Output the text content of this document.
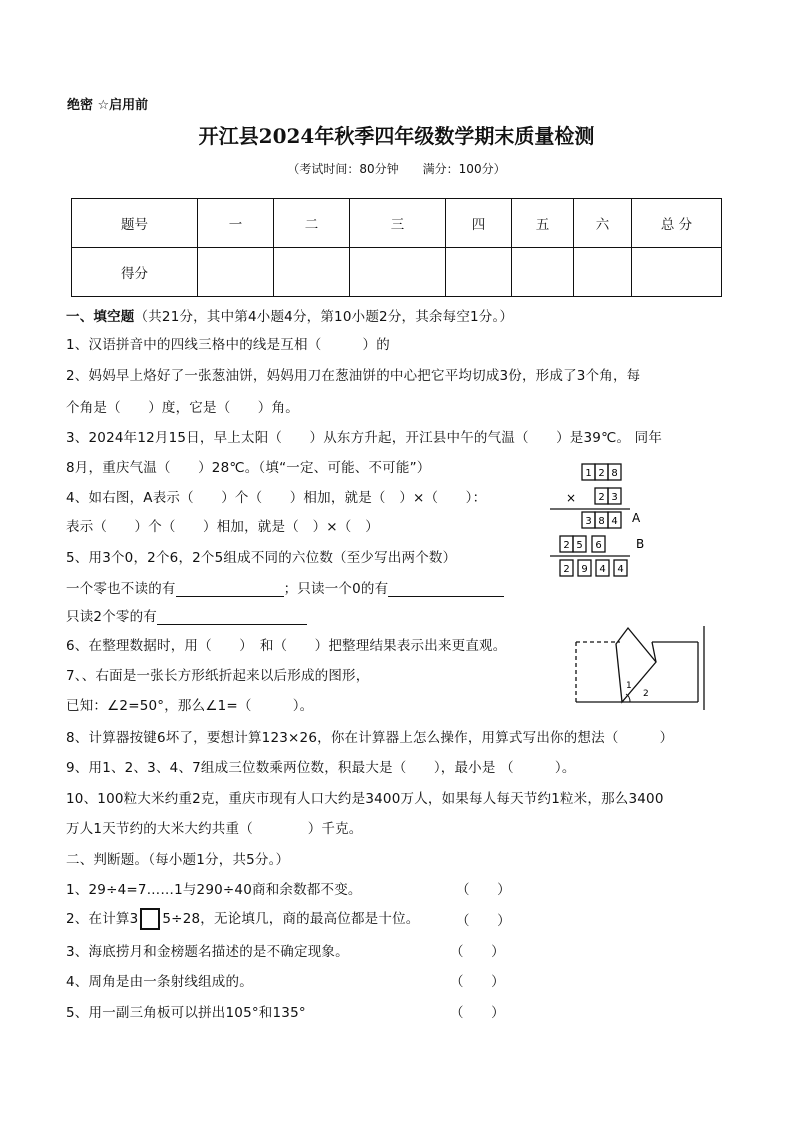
绝密 ☆启用前
开江县2024年秋季四年级数学期末质量检测
（考试时间：80分钟　　满分：100分）
题号	一	二	三	四	五	六	总 分
得分							
一、填空题（共21分，其中第4小题4分，第10小题2分，其余每空1分。）
1、汉语拼音中的四线三格中的线是互相（　　　）的
2、妈妈早上烙好了一张葱油饼，妈妈用刀在葱油饼的中心把它平均切成3份，形成了3个角，每
个角是（　　）度，它是（　　）角。
3、2024年12月15日，早上太阳（　　）从东方升起，开江县中午的气温（　　）是39℃。 同年
8月，重庆气温（　　）28℃。（填“一定、可能、不可能”）
4、如右图，A表示（　　）个（　　）相加，就是（　）×（　　）：
表示（　　）个（　　）相加，就是（　）×（　）
5、用3个0，2个6，2个5组成不同的六位数（至少写出两个数）
一个零也不读的有	；只读一个0的有
只读2个零的有
6、在整理数据时，用（　　）　和（　　）把整理结果表示出来更直观。
7、、右面是一张长方形纸折起来以后形成的图形，
已知：∠2=50°，那么∠1=（　　　）。
8、计算器按键6坏了，要想计算123×26，你在计算器上怎么操作，用算式写出你的想法（　　　）
9、用1、2、3、4、7组成三位数乘两位数，积最大是（　　），最小是 （　　　）。
10、100粒大米约重2克，重庆市现有人口大约是3400万人，如果每人每天节约1粒米，那么3400
万人1天节约的大米大约共重（　　　　）千克。
1 2 8
× 2 3
3 8 4 A
2 5 6	B
2 9 4 4
1
2
二、判断题。（每小题1分，共5分。）
1、29÷4=7……1与290÷40商和余数都不变。	（　　）
2、在计算3 5÷28，无论填几，商的最高位都是十位。	（　　）
3、海底捞月和金榜题名描述的是不确定现象。	（　　）
4、周角是由一条射线组成的。	（　　）
5、用一副三角板可以拼出105°和135°	（　　）
